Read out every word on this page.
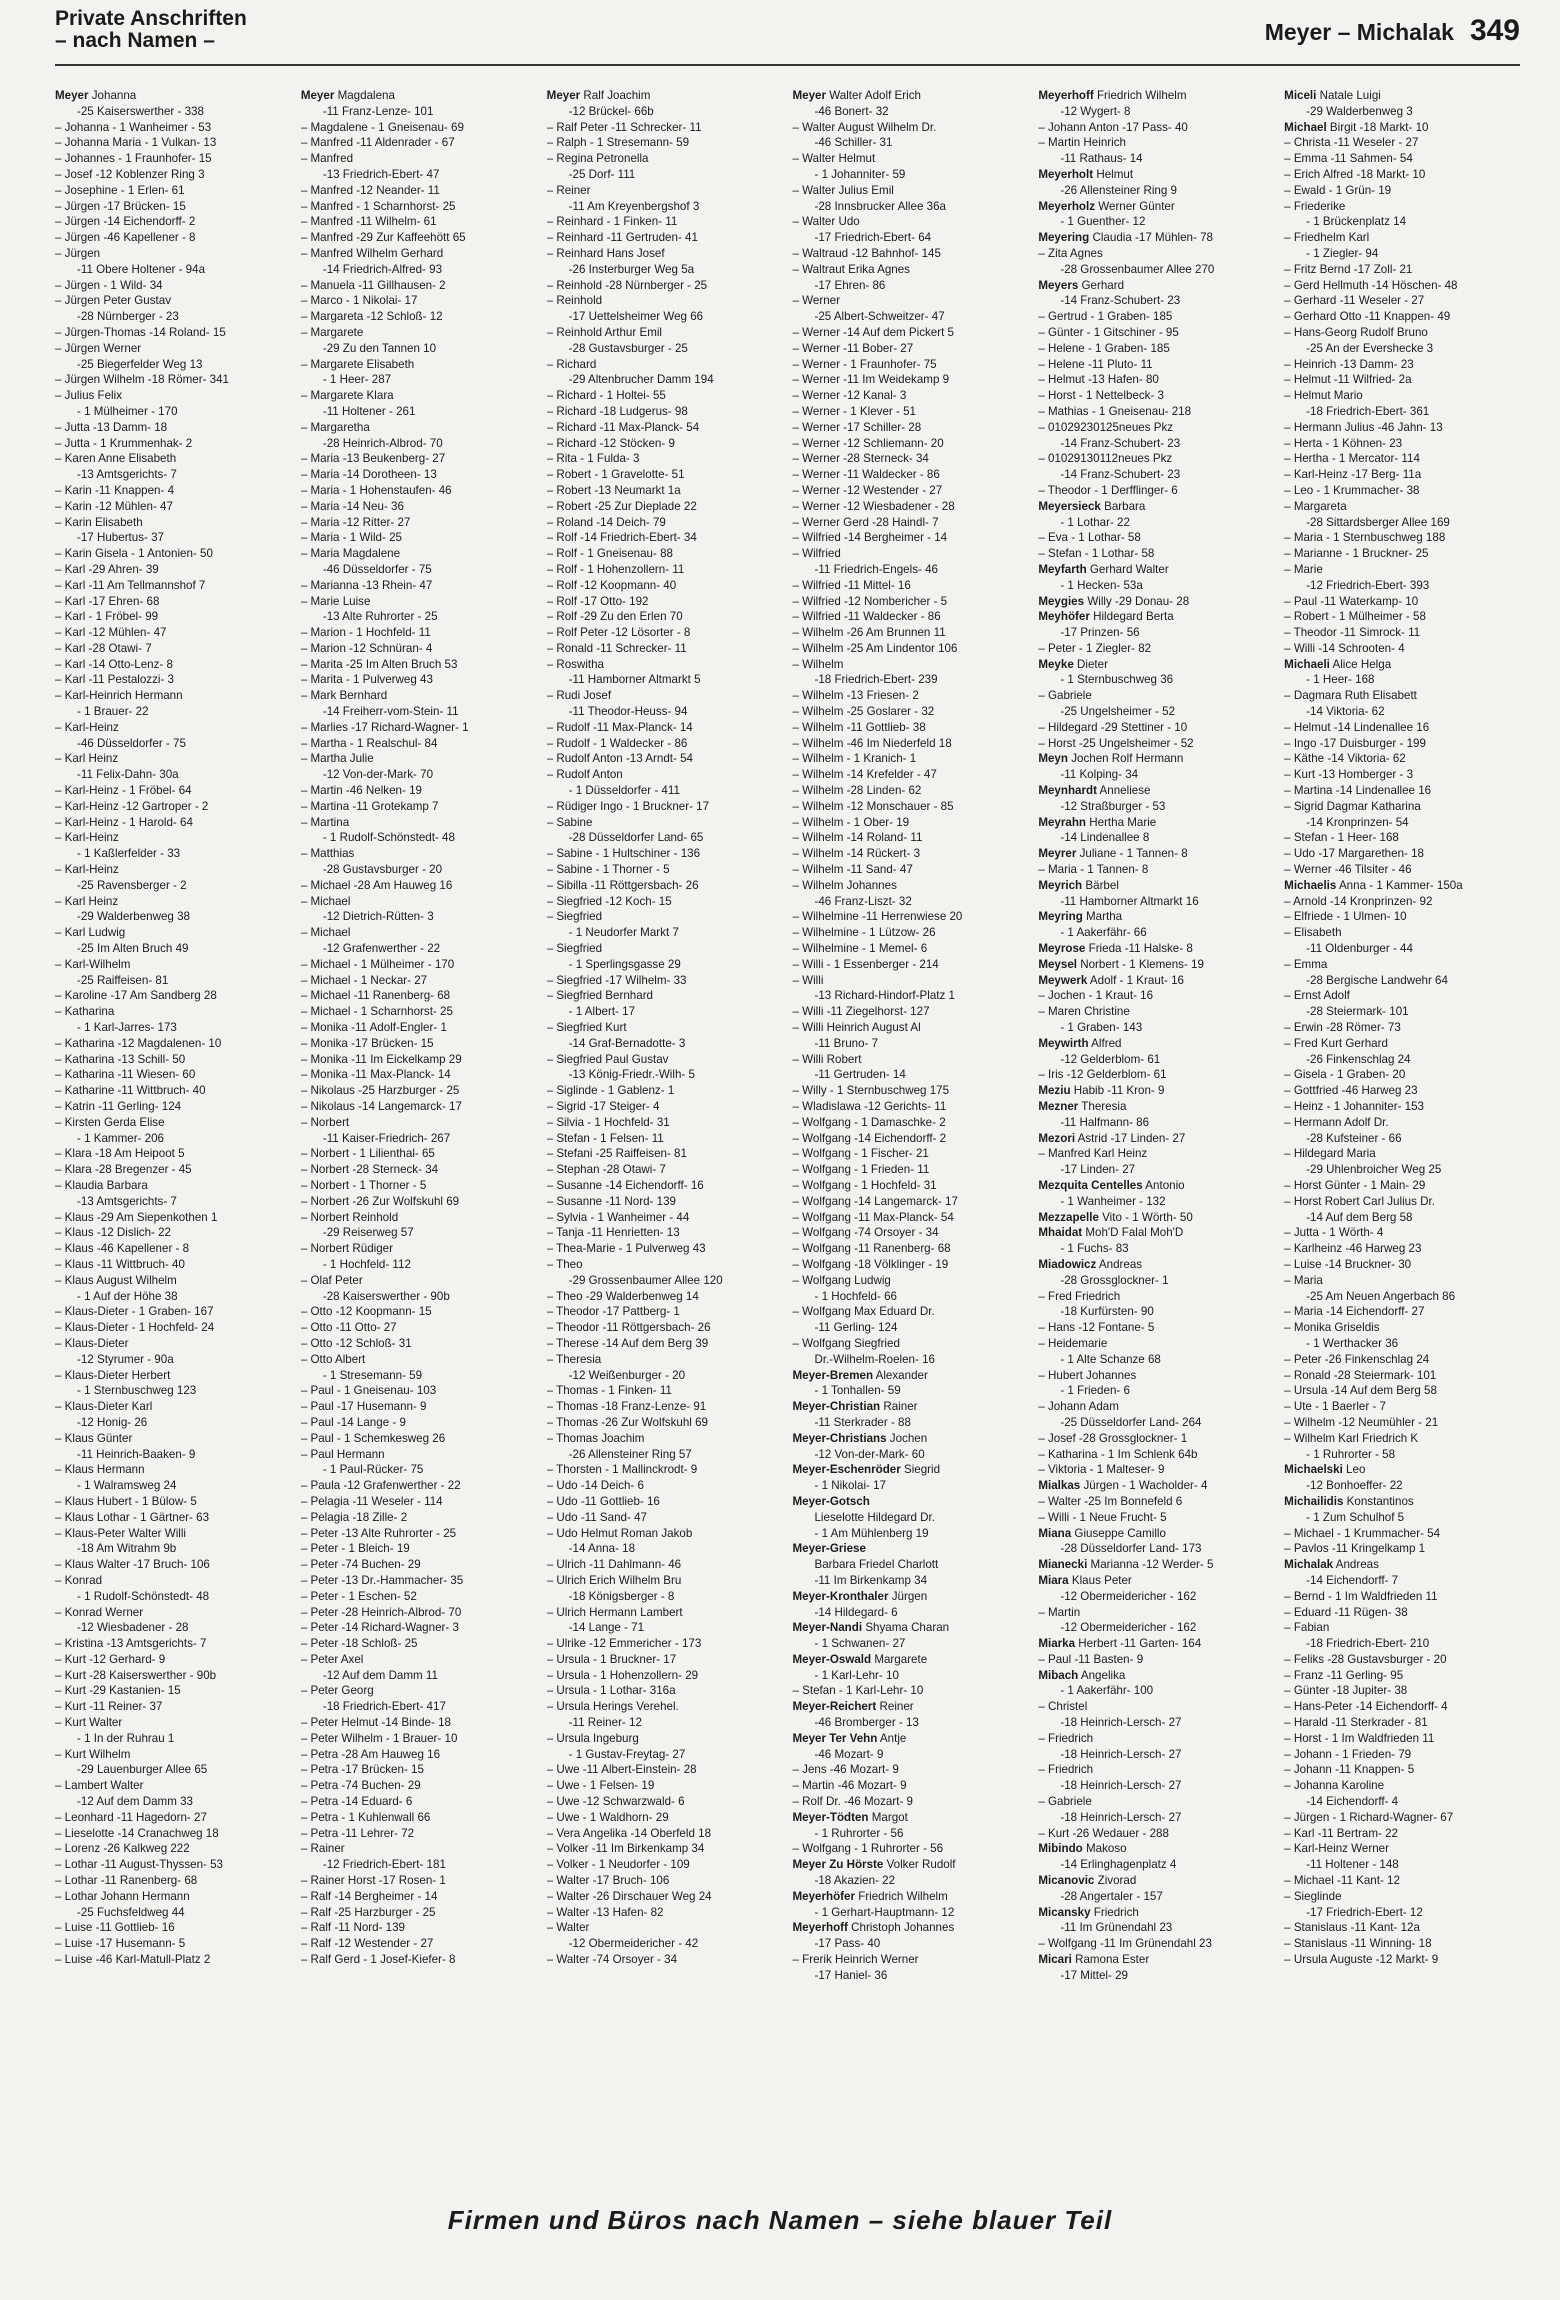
Private Anschriften
– nach Namen –	Meyer – Michalak 349
Meyer Johanna
-25 Kaiserswerther - 338
– Johanna - 1 Wanheimer - 53
– Johanna Maria - 1 Vulkan- 13
– Johannes - 1 Fraunhofer- 15
– Josef -12 Koblenzer Ring 3
– Josephine - 1 Erlen- 61
– Jürgen -17 Brücken- 15
– Jürgen -14 Eichendorff- 2
– Jürgen -46 Kapellener - 8
– Jürgen
-11 Obere Holtener - 94a
– Jürgen - 1 Wild- 34
– Jürgen Peter Gustav
-28 Nürnberger - 23
– Jürgen-Thomas -14 Roland- 15
– Jürgen Werner
-25 Biegerfelder Weg 13
– Jürgen Wilhelm -18 Römer- 341
– Julius Felix
- 1 Mülheimer - 170
– Jutta -13 Damm- 18
– Jutta - 1 Krummenhak- 2
– Karen Anne Elisabeth
-13 Amtsgerichts- 7
– Karin -11 Knappen- 4
– Karin -12 Mühlen- 47
– Karin Elisabeth
-17 Hubertus- 37
– Karin Gisela - 1 Antonien- 50
– Karl -29 Ahren- 39
– Karl -11 Am Tellmannshof 7
– Karl -17 Ehren- 68
– Karl - 1 Fröbel- 99
– Karl -12 Mühlen- 47
– Karl -28 Otawi- 7
– Karl -14 Otto-Lenz- 8
– Karl -11 Pestalozzi- 3
– Karl-Heinrich Hermann
- 1 Brauer- 22
– Karl-Heinz
-46 Düsseldorfer - 75
– Karl Heinz
-11 Felix-Dahn- 30a
– Karl-Heinz - 1 Fröbel- 64
– Karl-Heinz -12 Gartroper - 2
– Karl-Heinz - 1 Harold- 64
– Karl-Heinz
- 1 Kaßlerfelder - 33
– Karl-Heinz
-25 Ravensberger - 2
– Karl Heinz
-29 Walderbenweg 38
– Karl Ludwig
-25 Im Alten Bruch 49
– Karl-Wilhelm
-25 Raiffeisen- 81
– Karoline -17 Am Sandberg 28
– Katharina
- 1 Karl-Jarres- 173
– Katharina -12 Magdalenen- 10
– Katharina -13 Schill- 50
– Katharina -11 Wiesen- 60
– Katharine -11 Wittbruch- 40
– Katrin -11 Gerling- 124
– Kirsten Gerda Elise
- 1 Kammer- 206
– Klara -18 Am Heipoot 5
– Klara -28 Bregenzer - 45
– Klaudia Barbara
-13 Amtsgerichts- 7
– Klaus -29 Am Siepenkothen 1
– Klaus -12 Dislich- 22
– Klaus -46 Kapellener - 8
– Klaus -11 Wittbruch- 40
– Klaus August Wilhelm
- 1 Auf der Höhe 38
– Klaus-Dieter - 1 Graben- 167
– Klaus-Dieter - 1 Hochfeld- 24
– Klaus-Dieter
-12 Styrumer - 90a
– Klaus-Dieter Herbert
- 1 Sternbuschweg 123
– Klaus-Dieter Karl
-12 Honig- 26
– Klaus Günter
-11 Heinrich-Baaken- 9
– Klaus Hermann
- 1 Walramsweg 24
– Klaus Hubert - 1 Bülow- 5
– Klaus Lothar - 1 Gärtner- 63
– Klaus-Peter Walter Willi
-18 Am Witrahm 9b
– Klaus Walter -17 Bruch- 106
– Konrad
- 1 Rudolf-Schönstedt- 48
– Konrad Werner
-12 Wiesbadener - 28
– Kristina -13 Amtsgerichts- 7
– Kurt -12 Gerhard- 9
– Kurt -28 Kaiserswerther - 90b
– Kurt -29 Kastanien- 15
– Kurt -11 Reiner- 37
– Kurt Walter
- 1 In der Ruhrau 1
– Kurt Wilhelm
-29 Lauenburger Allee 65
– Lambert Walter
-12 Auf dem Damm 33
– Leonhard -11 Hagedorn- 27
– Lieselotte -14 Cranachweg 18
– Lorenz -26 Kalkweg 222
– Lothar -11 August-Thyssen- 53
– Lothar -11 Ranenberg- 68
– Lothar Johann Hermann
-25 Fuchsfeldweg 44
– Luise -11 Gottlieb- 16
– Luise -17 Husemann- 5
– Luise -46 Karl-Matull-Platz 2
Meyer Magdalena
-11 Franz-Lenze- 101
– Magdalene - 1 Gneisenau- 69
– Manfred -11 Aldenrader - 67
– Manfred
-13 Friedrich-Ebert- 47
– Manfred -12 Neander- 11
– Manfred - 1 Scharnhorst- 25
– Manfred -11 Wilhelm- 61
– Manfred -29 Zur Kaffeehött 65
– Manfred Wilhelm Gerhard
-14 Friedrich-Alfred- 93
– Manuela -11 Gillhausen- 2
– Marco - 1 Nikolai- 17
– Margareta -12 Schloß- 12
– Margarete
-29 Zu den Tannen 10
– Margarete Elisabeth
- 1 Heer- 287
– Margarete Klara
-11 Holtener - 261
– Margaretha
-28 Heinrich-Albrod- 70
– Maria -13 Beukenberg- 27
– Maria -14 Dorotheen- 13
– Maria - 1 Hohenstaufen- 46
– Maria -14 Neu- 36
– Maria -12 Ritter- 27
– Maria - 1 Wild- 25
– Maria Magdalene
-46 Düsseldorfer - 75
– Marianna -13 Rhein- 47
– Marie Luise
-13 Alte Ruhrorter - 25
– Marion - 1 Hochfeld- 11
– Marion -12 Schnüran- 4
– Marita -25 Im Alten Bruch 53
– Marita - 1 Pulverweg 43
– Mark Bernhard
-14 Freiherr-vom-Stein- 11
– Marlies -17 Richard-Wagner- 1
– Martha - 1 Realschul- 84
– Martha Julie
-12 Von-der-Mark- 70
– Martin -46 Nelken- 19
– Martina -11 Grotekamp 7
– Martina
- 1 Rudolf-Schönstedt- 48
– Matthias
-28 Gustavsburger - 20
– Michael -28 Am Hauweg 16
– Michael
-12 Dietrich-Rütten- 3
– Michael
-12 Grafenwerther - 22
– Michael - 1 Mülheimer - 170
– Michael - 1 Neckar- 27
– Michael -11 Ranenberg- 68
– Michael - 1 Scharnhorst- 25
– Monika -11 Adolf-Engler- 1
– Monika -17 Brücken- 15
– Monika -11 Im Eickelkamp 29
– Monika -11 Max-Planck- 14
– Nikolaus -25 Harzburger - 25
– Nikolaus -14 Langemarck- 17
– Norbert
-11 Kaiser-Friedrich- 267
– Norbert - 1 Lilienthal- 65
– Norbert -28 Sterneck- 34
– Norbert - 1 Thorner - 5
– Norbert -26 Zur Wolfskuhl 69
– Norbert Reinhold
-29 Reiserweg 57
– Norbert Rüdiger
- 1 Hochfeld- 112
– Olaf Peter
-28 Kaiserswerther - 90b
– Otto -12 Koopmann- 15
– Otto -11 Otto- 27
– Otto -12 Schloß- 31
– Otto Albert
- 1 Stresemann- 59
– Paul - 1 Gneisenau- 103
– Paul -17 Husemann- 9
– Paul -14 Lange - 9
– Paul - 1 Schemkesweg 26
– Paul Hermann
- 1 Paul-Rücker- 75
– Paula -12 Grafenwerther - 22
– Pelagia -11 Weseler - 114
– Pelagia -18 Zille- 2
– Peter -13 Alte Ruhrorter - 25
– Peter - 1 Bleich- 19
– Peter -74 Buchen- 29
– Peter -13 Dr.-Hammacher- 35
– Peter - 1 Eschen- 52
– Peter -28 Heinrich-Albrod- 70
– Peter -14 Richard-Wagner- 3
– Peter -18 Schloß- 25
– Peter Axel
-12 Auf dem Damm 11
– Peter Georg
-18 Friedrich-Ebert- 417
– Peter Helmut -14 Binde- 18
– Peter Wilhelm - 1 Brauer- 10
– Petra -28 Am Hauweg 16
– Petra -17 Brücken- 15
– Petra -74 Buchen- 29
– Petra -14 Eduard- 6
– Petra - 1 Kuhlenwall 66
– Petra -11 Lehrer- 72
– Rainer
-12 Friedrich-Ebert- 181
– Rainer Horst -17 Rosen- 1
– Ralf -14 Bergheimer - 14
– Ralf -25 Harzburger - 25
– Ralf -11 Nord- 139
– Ralf -12 Westender - 27
– Ralf Gerd - 1 Josef-Kiefer- 8
Meyer Ralf Joachim
-12 Brückel- 66b
– Ralf Peter -11 Schrecker- 11
– Ralph - 1 Stresemann- 59
– Regina Petronella
-25 Dorf- 111
– Reiner
-11 Am Kreyenbergshof 3
– Reinhard - 1 Finken- 11
– Reinhard -11 Gertruden- 41
– Reinhard Hans Josef
-26 Insterburger Weg 5a
– Reinhold -28 Nürnberger - 25
– Reinhold
-17 Uettelsheimer Weg 66
– Reinhold Arthur Emil
-28 Gustavsburger - 25
– Richard
-29 Altenbrucher Damm 194
– Richard - 1 Holtei- 55
– Richard -18 Ludgerus- 98
– Richard -11 Max-Planck- 54
– Richard -12 Stöcken- 9
– Rita - 1 Fulda- 3
– Robert - 1 Gravelotte- 51
– Robert -13 Neumarkt 1a
– Robert -25 Zur Dieplade 22
– Roland -14 Deich- 79
– Rolf -14 Friedrich-Ebert- 34
– Rolf - 1 Gneisenau- 88
– Rolf - 1 Hohenzollern- 11
– Rolf -12 Koopmann- 40
– Rolf -17 Otto- 192
– Rolf -29 Zu den Erlen 70
– Rolf Peter -12 Lösorter - 8
– Ronald -11 Schrecker- 11
– Roswitha
-11 Hamborner Altmarkt 5
– Rudi Josef
-11 Theodor-Heuss- 94
– Rudolf -11 Max-Planck- 14
– Rudolf - 1 Waldecker - 86
– Rudolf Anton -13 Arndt- 54
– Rudolf Anton
- 1 Düsseldorfer - 411
– Rüdiger Ingo - 1 Bruckner- 17
– Sabine
-28 Düsseldorfer Land- 65
– Sabine - 1 Hultschiner - 136
– Sabine - 1 Thorner - 5
– Sibilla -11 Röttgersbach- 26
– Siegfried -12 Koch- 15
– Siegfried
- 1 Neudorfer Markt 7
– Siegfried
- 1 Sperlingsgasse 29
– Siegfried -17 Wilhelm- 33
– Siegfried Bernhard
- 1 Albert- 17
– Siegfried Kurt
-14 Graf-Bernadotte- 3
– Siegfried Paul Gustav
-13 König-Friedr.-Wilh- 5
– Siglinde - 1 Gablenz- 1
– Sigrid -17 Steiger- 4
– Silvia - 1 Hochfeld- 31
– Stefan - 1 Felsen- 11
– Stefani -25 Raiffeisen- 81
– Stephan -28 Otawi- 7
– Susanne -14 Eichendorff- 16
– Susanne -11 Nord- 139
– Sylvia - 1 Wanheimer - 44
– Tanja -11 Henrietten- 13
– Thea-Marie - 1 Pulverweg 43
– Theo
-29 Grossenbaumer Allee 120
– Theo -29 Walderbenweg 14
– Theodor -17 Pattberg- 1
– Theodor -11 Röttgersbach- 26
– Therese -14 Auf dem Berg 39
– Theresia
-12 Weißenburger - 20
– Thomas - 1 Finken- 11
– Thomas -18 Franz-Lenze- 91
– Thomas -26 Zur Wolfskuhl 69
– Thomas Joachim
-26 Allensteiner Ring 57
– Thorsten - 1 Mallinckrodt- 9
– Udo -14 Deich- 6
– Udo -11 Gottlieb- 16
– Udo -11 Sand- 47
– Udo Helmut Roman Jakob
-14 Anna- 18
– Ulrich -11 Dahlmann- 46
– Ulrich Erich Wilhelm Bru
-18 Königsberger - 8
– Ulrich Hermann Lambert
-14 Lange - 71
– Ulrike -12 Emmericher - 173
– Ursula - 1 Bruckner- 17
– Ursula - 1 Hohenzollern- 29
– Ursula - 1 Lothar- 316a
– Ursula Herings Verehel.
-11 Reiner- 12
– Ursula Ingeburg
- 1 Gustav-Freytag- 27
– Uwe -11 Albert-Einstein- 28
– Uwe - 1 Felsen- 19
– Uwe -12 Schwarzwald- 6
– Uwe - 1 Waldhorn- 29
– Vera Angelika -14 Oberfeld 18
– Volker -11 Im Birkenkamp 34
– Volker - 1 Neudorfer - 109
– Walter -17 Bruch- 106
– Walter -26 Dirschauer Weg 24
– Walter -13 Hafen- 82
– Walter
-12 Obermeidericher - 42
– Walter -74 Orsoyer - 34
Meyer Walter Adolf Erich
-46 Bonert- 32
– Walter August Wilhelm Dr.
-46 Schiller- 31
– Walter Helmut
- 1 Johanniter- 59
– Walter Julius Emil
-28 Innsbrucker Allee 36a
– Walter Udo
-17 Friedrich-Ebert- 64
– Waltraud -12 Bahnhof- 145
– Waltraut Erika Agnes
-17 Ehren- 86
– Werner
-25 Albert-Schweitzer- 47
– Werner -14 Auf dem Pickert 5
– Werner -11 Bober- 27
– Werner - 1 Fraunhofer- 75
– Werner -11 Im Weidekamp 9
– Werner -12 Kanal- 3
– Werner - 1 Klever - 51
– Werner -17 Schiller- 28
– Werner -12 Schliemann- 20
– Werner -28 Sterneck- 34
– Werner -11 Waldecker - 86
– Werner -12 Westender - 27
– Werner -12 Wiesbadener - 28
– Werner Gerd -28 Haindl- 7
– Wilfried -14 Bergheimer - 14
– Wilfried
-11 Friedrich-Engels- 46
– Wilfried -11 Mittel- 16
– Wilfried -12 Nombericher - 5
– Wilfried -11 Waldecker - 86
– Wilhelm -26 Am Brunnen 11
– Wilhelm -25 Am Lindentor 106
– Wilhelm
-18 Friedrich-Ebert- 239
– Wilhelm -13 Friesen- 2
– Wilhelm -25 Goslarer - 32
– Wilhelm -11 Gottlieb- 38
– Wilhelm -46 Im Niederfeld 18
– Wilhelm - 1 Kranich- 1
– Wilhelm -14 Krefelder - 47
– Wilhelm -28 Linden- 62
– Wilhelm -12 Monschauer - 85
– Wilhelm - 1 Ober- 19
– Wilhelm -14 Roland- 11
– Wilhelm -14 Rückert- 3
– Wilhelm -11 Sand- 47
– Wilhelm Johannes
-46 Franz-Liszt- 32
– Wilhelmine -11 Herrenwiese 20
– Wilhelmine - 1 Lützow- 26
– Wilhelmine - 1 Memel- 6
– Willi - 1 Essenberger - 214
– Willi
-13 Richard-Hindorf-Platz 1
– Willi -11 Ziegelhorst- 127
– Willi Heinrich August Al
-11 Bruno- 7
– Willi Robert
-11 Gertruden- 14
– Willy - 1 Sternbuschweg 175
– Wladislawa -12 Gerichts- 11
– Wolfgang - 1 Damaschke- 2
– Wolfgang -14 Eichendorff- 2
– Wolfgang - 1 Fischer- 21
– Wolfgang - 1 Frieden- 11
– Wolfgang - 1 Hochfeld- 31
– Wolfgang -14 Langemarck- 17
– Wolfgang -11 Max-Planck- 54
– Wolfgang -74 Orsoyer - 34
– Wolfgang -11 Ranenberg- 68
– Wolfgang -18 Völklinger - 19
– Wolfgang Ludwig
- 1 Hochfeld- 66
– Wolfgang Max Eduard Dr.
-11 Gerling- 124
– Wolfgang Siegfried
Dr.-Wilhelm-Roelen- 16
Meyer-Bremen Alexander
- 1 Tonhallen- 59
Meyer-Christian Rainer
-11 Sterkrader - 88
Meyer-Christians Jochen
-12 Von-der-Mark- 60
Meyer-Eschenröder Siegrid
- 1 Nikolai- 17
Meyer-Gotsch
Lieselotte Hildegard Dr.
- 1 Am Mühlenberg 19
Meyer-Griese
Barbara Friedel Charlott
-11 Im Birkenkamp 34
Meyer-Kronthaler Jürgen
-14 Hildegard- 6
Meyer-Nandi Shyama Charan
- 1 Schwanen- 27
Meyer-Oswald Margarete
- 1 Karl-Lehr- 10
– Stefan - 1 Karl-Lehr- 10
Meyer-Reichert Reiner
-46 Bromberger - 13
Meyer Ter Vehn Antje
-46 Mozart- 9
– Jens -46 Mozart- 9
– Martin -46 Mozart- 9
– Rolf Dr. -46 Mozart- 9
Meyer-Tödten Margot
- 1 Ruhrorter - 56
– Wolfgang - 1 Ruhrorter - 56
Meyer Zu Hörste Volker Rudolf
-18 Akazien- 22
Meyerhöfer Friedrich Wilhelm
- 1 Gerhart-Hauptmann- 12
Meyerhoff Christoph Johannes
-17 Pass- 40
– Frerik Heinrich Werner
-17 Haniel- 36
Meyerhoff Friedrich Wilhelm
-12 Wygert- 8
– Johann Anton -17 Pass- 40
– Martin Heinrich
-11 Rathaus- 14
Meyerholt Helmut
-26 Allensteiner Ring 9
Meyerholz Werner Günter
- 1 Guenther- 12
Meyering Claudia -17 Mühlen- 78
– Zita Agnes
-28 Grossenbaumer Allee 270
Meyers Gerhard
-14 Franz-Schubert- 23
– Gertrud - 1 Graben- 185
– Günter - 1 Gitschiner - 95
– Helene - 1 Graben- 185
– Helene -11 Pluto- 11
– Helmut -13 Hafen- 80
– Horst - 1 Nettelbeck- 3
– Mathias - 1 Gneisenau- 218
– 01029230125neues Pkz
-14 Franz-Schubert- 23
– 01029130112neues Pkz
-14 Franz-Schubert- 23
– Theodor - 1 Derfflinger- 6
Meyersieck Barbara
- 1 Lothar- 22
– Eva - 1 Lothar- 58
– Stefan - 1 Lothar- 58
Meyfarth Gerhard Walter
- 1 Hecken- 53a
Meygies Willy -29 Donau- 28
Meyhöfer Hildegard Berta
-17 Prinzen- 56
– Peter - 1 Ziegler- 82
Meyke Dieter
- 1 Sternbuschweg 36
– Gabriele
-25 Ungelsheimer - 52
– Hildegard -29 Stettiner - 10
– Horst -25 Ungelsheimer - 52
Meyn Jochen Rolf Hermann
-11 Kolping- 34
Meynhardt Anneliese
-12 Straßburger - 53
Meyrahn Hertha Marie
-14 Lindenallee 8
Meyrer Juliane - 1 Tannen- 8
– Maria - 1 Tannen- 8
Meyrich Bärbel
-11 Hamborner Altmarkt 16
Meyring Martha
- 1 Aakerfähr- 66
Meyrose Frieda -11 Halske- 8
Meysel Norbert - 1 Klemens- 19
Meywerk Adolf - 1 Kraut- 16
– Jochen - 1 Kraut- 16
– Maren Christine
- 1 Graben- 143
Meywirth Alfred
-12 Gelderblom- 61
– Iris -12 Gelderblom- 61
Meziu Habib -11 Kron- 9
Mezner Theresia
-11 Halfmann- 86
Mezori Astrid -17 Linden- 27
– Manfred Karl Heinz
-17 Linden- 27
Mezquita Centelles Antonio
- 1 Wanheimer - 132
Mezzapelle Vito - 1 Wörth- 50
Mhaidat Moh'D Falal Moh'D
- 1 Fuchs- 83
Miadowicz Andreas
-28 Grossglockner- 1
– Fred Friedrich
-18 Kurfürsten- 90
– Hans -12 Fontane- 5
– Heidemarie
- 1 Alte Schanze 68
– Hubert Johannes
- 1 Frieden- 6
– Johann Adam
-25 Düsseldorfer Land- 264
– Josef -28 Grossglockner- 1
– Katharina - 1 Im Schlenk 64b
– Viktoria - 1 Malteser- 9
Mialkas Jürgen - 1 Wacholder- 4
– Walter -25 Im Bonnefeld 6
– Willi - 1 Neue Frucht- 5
Miana Giuseppe Camillo
-28 Düsseldorfer Land- 173
Mianecki Marianna -12 Werder- 5
Miara Klaus Peter
-12 Obermeidericher - 162
– Martin
-12 Obermeidericher - 162
Miarka Herbert -11 Garten- 164
– Paul -11 Basten- 9
Mibach Angelika
- 1 Aakerfähr- 100
– Christel
-18 Heinrich-Lersch- 27
– Friedrich
-18 Heinrich-Lersch- 27
– Friedrich
-18 Heinrich-Lersch- 27
– Gabriele
-18 Heinrich-Lersch- 27
– Kurt -26 Wedauer - 288
Mibindo Makoso
-14 Erlinghagenplatz 4
Micanovic Zivorad
-28 Angertaler - 157
Micansky Friedrich
-11 Im Grünendahl 23
– Wolfgang -11 Im Grünendahl 23
Micari Ramona Ester
-17 Mittel- 29
Miceli Natale Luigi
-29 Walderbenweg 3
Michael Birgit -18 Markt- 10
– Christa -11 Weseler - 27
– Emma -11 Sahmen- 54
– Erich Alfred -18 Markt- 10
– Ewald - 1 Grün- 19
– Friederike
- 1 Brückenplatz 14
– Friedhelm Karl
- 1 Ziegler- 94
– Fritz Bernd -17 Zoll- 21
– Gerd Hellmuth -14 Höschen- 48
– Gerhard -11 Weseler - 27
– Gerhard Otto -11 Knappen- 49
– Hans-Georg Rudolf Bruno
-25 An der Evershecke 3
– Heinrich -13 Damm- 23
– Helmut -11 Wilfried- 2a
– Helmut Mario
-18 Friedrich-Ebert- 361
– Hermann Julius -46 Jahn- 13
– Herta - 1 Köhnen- 23
– Hertha - 1 Mercator- 114
– Karl-Heinz -17 Berg- 11a
– Leo - 1 Krummacher- 38
– Margareta
-28 Sittardsberger Allee 169
– Maria - 1 Sternbuschweg 188
– Marianne - 1 Bruckner- 25
– Marie
-12 Friedrich-Ebert- 393
– Paul -11 Waterkamp- 10
– Robert - 1 Mülheimer - 58
– Theodor -11 Simrock- 11
– Willi -14 Schrooten- 4
Michaeli Alice Helga
- 1 Heer- 168
– Dagmara Ruth Elisabett
-14 Viktoria- 62
– Helmut -14 Lindenallee 16
– Ingo -17 Duisburger - 199
– Käthe -14 Viktoria- 62
– Kurt -13 Homberger - 3
– Martina -14 Lindenallee 16
– Sigrid Dagmar Katharina
-14 Kronprinzen- 54
– Stefan - 1 Heer- 168
– Udo -17 Margarethen- 18
– Werner -46 Tilsiter - 46
Michaelis Anna - 1 Kammer- 150a
– Arnold -14 Kronprinzen- 92
– Elfriede - 1 Ulmen- 10
– Elisabeth
-11 Oldenburger - 44
– Emma
-28 Bergische Landwehr 64
– Ernst Adolf
-28 Steiermark- 101
– Erwin -28 Römer- 73
– Fred Kurt Gerhard
-26 Finkenschlag 24
– Gisela - 1 Graben- 20
– Gottfried -46 Harweg 23
– Heinz - 1 Johanniter- 153
– Hermann Adolf Dr.
-28 Kufsteiner - 66
– Hildegard Maria
-29 Uhlenbroicher Weg 25
– Horst Günter - 1 Main- 29
– Horst Robert Carl Julius Dr.
-14 Auf dem Berg 58
– Jutta - 1 Wörth- 4
– Karlheinz -46 Harweg 23
– Luise -14 Bruckner- 30
– Maria
-25 Am Neuen Angerbach 86
– Maria -14 Eichendorff- 27
– Monika Griseldis
- 1 Werthacker 36
– Peter -26 Finkenschlag 24
– Ronald -28 Steiermark- 101
– Ursula -14 Auf dem Berg 58
– Ute - 1 Baerler - 7
– Wilhelm -12 Neumühler - 21
– Wilhelm Karl Friedrich K
- 1 Ruhrorter - 58
Michaelski Leo
-12 Bonhoeffer- 22
Michailidis Konstantinos
- 1 Zum Schulhof 5
– Michael - 1 Krummacher- 54
– Pavlos -11 Kringelkamp 1
Michalak Andreas
-14 Eichendorff- 7
– Bernd - 1 Im Waldfrieden 11
– Eduard -11 Rügen- 38
– Fabian
-18 Friedrich-Ebert- 210
– Feliks -28 Gustavsburger - 20
– Franz -11 Gerling- 95
– Günter -18 Jupiter- 38
– Hans-Peter -14 Eichendorff- 4
– Harald -11 Sterkrader - 81
– Horst - 1 Im Waldfrieden 11
– Johann - 1 Frieden- 79
– Johann -11 Knappen- 5
– Johanna Karoline
-14 Eichendorff- 4
– Jürgen - 1 Richard-Wagner- 67
– Karl -11 Bertram- 22
– Karl-Heinz Werner
-11 Holtener - 148
– Michael -11 Kant- 12
– Sieglinde
-17 Friedrich-Ebert- 12
– Stanislaus -11 Kant- 12a
– Stanislaus -11 Winning- 18
– Ursula Auguste -12 Markt- 9
Firmen und Büros nach Namen – siehe blauer Teil
